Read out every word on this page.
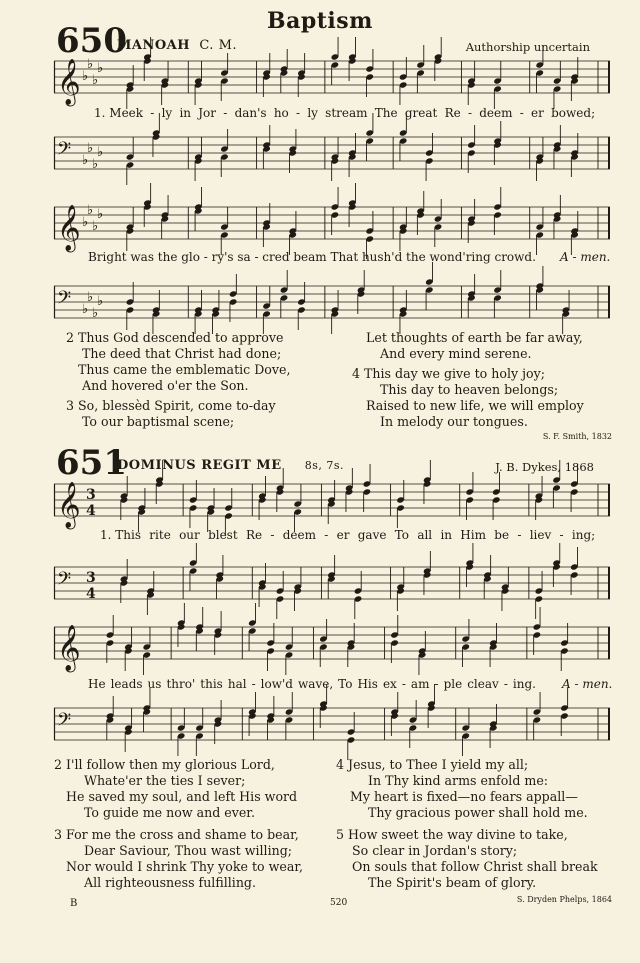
Baptism
650
MANOAH C. M.	Authorship uncertain
𝄞 ♭
♭
♭
♭
1. Meek - ly in Jor - dan's ho - ly stream The great Re - deem - er bowed;
𝄢 ♭
♭
♭
♭
𝄞 ♭
♭
♭
♭
Bright was the glo - ry's sa - cred beam That hush'd the wond'ring crowd. A - men.
𝄢 ♭
♭
♭
♭
2 Thus God descended to approve
The deed that Christ had done;
Thus came the emblematic Dove,
And hovered o'er the Son.
3 So, blessèd Spirit, come to-day
To our baptismal scene;
Let thoughts of earth be far away,
And every mind serene.
4 This day we give to holy joy;
This day to heaven belongs;
Raised to new life, we will employ
In melody our tongues.
S. F. Smith, 1832
651
DOMINUS REGIT ME 8s, 7s.	J. B. Dykes, 1868
𝄞 3
4
1. This rite our blest Re - deem - er gave To all in Him be - liev - ing;
𝄢 3
4
𝄞
He leads us thro' this hal - low'd wave, To His ex - am - ple cleav - ing. A - men.
𝄢
2 I'll follow then my glorious Lord,
Whate'er the ties I sever;
He saved my soul, and left His word
To guide me now and ever.
3 For me the cross and shame to bear,
Dear Saviour, Thou wast willing;
Nor would I shrink Thy yoke to wear,
All righteousness fulfilling.
4 Jesus, to Thee I yield my all;
In Thy kind arms enfold me:
My heart is fixed—no fears appall—
Thy gracious power shall hold me.
5 How sweet the way divine to take,
So clear in Jordan's story;
On souls that follow Christ shall break
The Spirit's beam of glory.
B	520	S. Dryden Phelps, 1864
